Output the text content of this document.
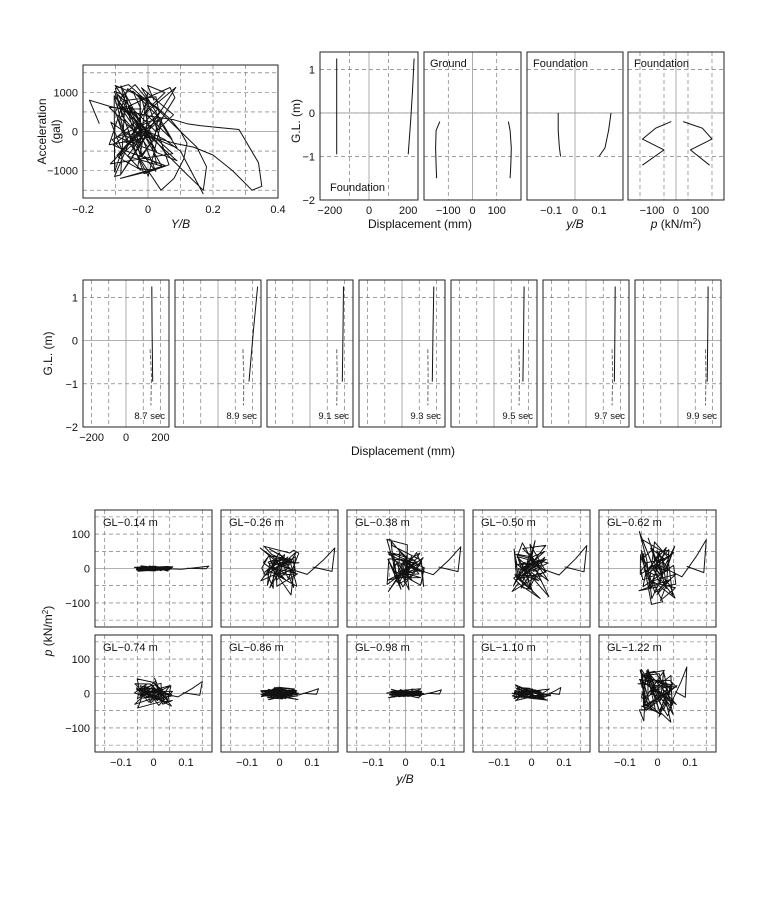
−0.2	0	0.2	0.4
1000
0
−1000
Y/B
Acceleration (gal)
−200 0 200
Foundation
1
0
−1
−2
G.L. (m)
−100 0 100
Ground
−0.1 0 0.1
Foundation
−100 0 100
Foundation
Displacement (mm)	y/B	p $(kN/m^2)$
8.7 sec
−200 0 200
1
0
−1
−2
G.L. (m)
8.9 sec	9.1 sec	9.3 sec	9.5 sec	9.7 sec	9.9 sec
Displacement (mm)
GL−0.14 m
100
0
−100
GL−0.26 m	GL−0.38 m	GL−0.50 m	GL−0.62 m
GL−0.74 m
100
0
−100
−0.1 0 0.1
GL−0.86 m
−0.1 0 0.1
GL−0.98 m
−0.1 0 0.1
GL−1.10 m
−0.1 0 0.1
GL−1.22 m
−0.1 0 0.1
p $(kN/m^2)$
y/B
